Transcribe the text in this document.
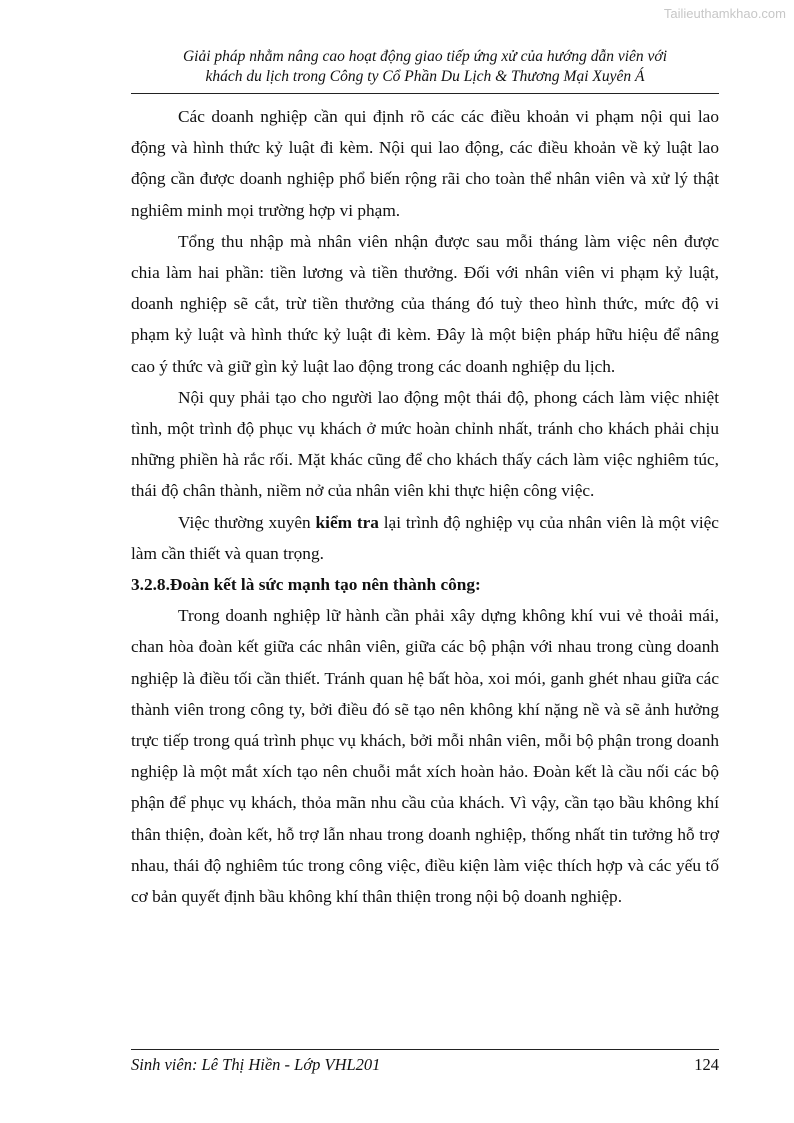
Tailieuthamkhao.com
Giải pháp nhằm nâng cao hoạt động giao tiếp ứng xử của hướng dẫn viên với
khách du lịch trong Công ty Cổ Phần Du Lịch & Thương Mại Xuyên Á

Các doanh nghiệp cần qui định rõ các các điều khoản vi phạm nội qui lao động và hình thức kỷ luật đi kèm. Nội qui lao động, các điều khoản về kỷ luật lao động cần được doanh nghiệp phổ biến rộng rãi cho toàn thể nhân viên và xử lý thật nghiêm minh mọi trường hợp vi phạm.

Tổng thu nhập mà nhân viên nhận được sau mỗi tháng làm việc nên được chia làm hai phần: tiền lương và tiền thưởng. Đối với nhân viên vi phạm kỷ luật, doanh nghiệp sẽ cắt, trừ tiền thưởng của tháng đó tuỳ theo hình thức, mức độ vi phạm kỷ luật và hình thức kỷ luật đi kèm. Đây là một biện pháp hữu hiệu để nâng cao ý thức và giữ gìn kỷ luật lao động trong các doanh nghiệp du lịch.

Nội quy phải tạo cho người lao động một thái độ, phong cách làm việc nhiệt tình, một trình độ phục vụ khách ở mức hoàn chỉnh nhất, tránh cho khách phải chịu những phiền hà rắc rối. Mặt khác cũng để cho khách thấy cách làm việc nghiêm túc, thái độ chân thành, niềm nở của nhân viên khi thực hiện công việc.

Việc thường xuyên kiểm tra lại trình độ nghiệp vụ của nhân viên là một việc làm cần thiết và quan trọng.

3.2.8.Đoàn kết là sức mạnh tạo nên thành công:

Trong doanh nghiệp lữ hành cần phải xây dựng không khí vui vẻ thoải mái, chan hòa đoàn kết giữa các nhân viên, giữa các bộ phận với nhau trong cùng doanh nghiệp là điều tối cần thiết. Tránh quan hệ bất hòa, xoi mói, ganh ghét nhau giữa các thành viên trong công ty, bởi điều đó sẽ tạo nên không khí nặng nề và sẽ ảnh hưởng trực tiếp trong quá trình phục vụ khách, bởi mỗi nhân viên, mỗi bộ phận trong doanh nghiệp là một mắt xích tạo nên chuỗi mắt xích hoàn hảo. Đoàn kết là cầu nối các bộ phận để phục vụ khách, thỏa mãn nhu cầu của khách. Vì vậy, cần tạo bầu không khí thân thiện, đoàn kết, hỗ trợ lẫn nhau trong doanh nghiệp, thống nhất tin tưởng hỗ trợ nhau, thái độ nghiêm túc trong công việc, điều kiện làm việc thích hợp và các yếu tố cơ bản quyết định bầu không khí thân thiện trong nội bộ doanh nghiệp.

Sinh viên: Lê Thị Hiền - Lớp VHL201	124
